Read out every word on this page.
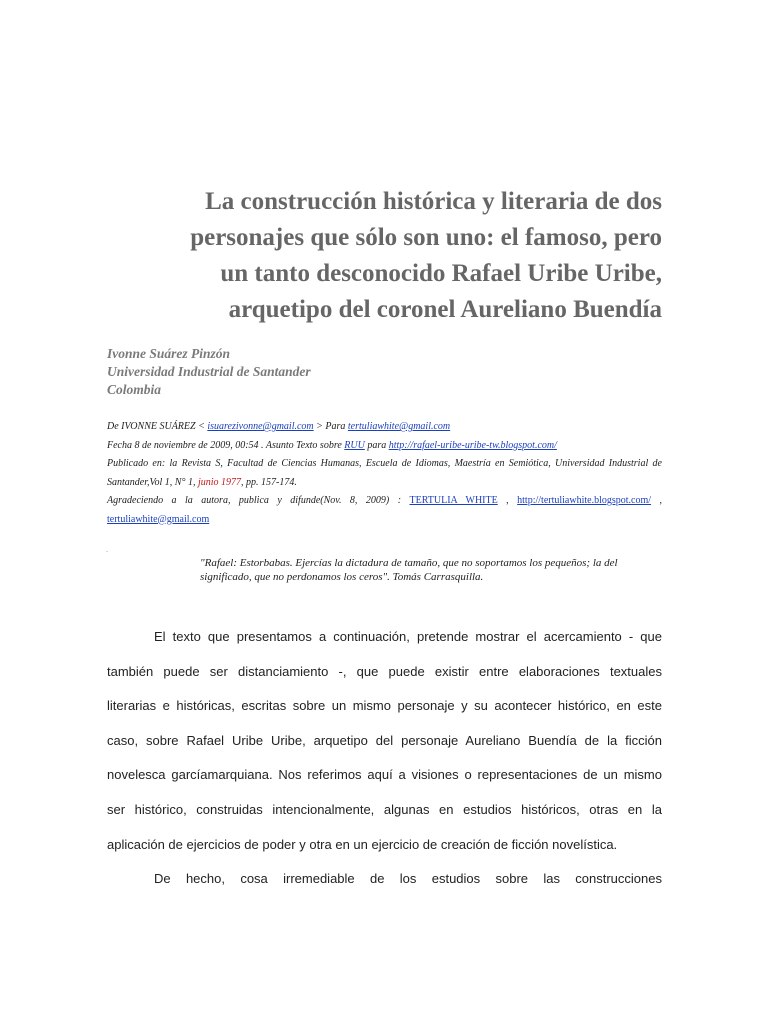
La construcción histórica y literaria de dos
personajes que sólo son uno: el famoso, pero
un tanto desconocido Rafael Uribe Uribe,
arquetipo del coronel Aureliano Buendía
Ivonne Suárez Pinzón
Universidad Industrial de Santander
Colombia

De IVONNE SUÁREZ < isuarezivonne@gmail.com > Para tertuliawhite@gmail.com

Fecha 8 de noviembre de 2009, 00:54 . Asunto Texto sobre RUU para http://rafael-uribe-uribe-tw.blogspot.com/

Publicado en: la Revista S, Facultad de Ciencias Humanas, Escuela de Idiomas, Maestría en Semiótica, Universidad Industrial de Santander,Vol 1, N° 1, junio 1977, pp. 157-174.

Agradeciendo a la autora, publica y difunde(Nov. 8, 2009) : TERTULIA WHITE , http://tertuliawhite.blogspot.com/ , tertuliawhite@gmail.com

.
"Rafael: Estorbabas. Ejercías la dictadura de tamaño, que no soportamos los pequeños; la del significado, que no perdonamos los ceros". Tomás Carrasquilla.

El texto que presentamos a continuación, pretende mostrar el acercamiento - que
también puede ser distanciamiento -, que puede existir entre elaboraciones textuales
literarias e históricas, escritas sobre un mismo personaje y su acontecer histórico, en este
caso, sobre Rafael Uribe Uribe, arquetipo del personaje Aureliano Buendía de la ficción
novelesca garcíamarquiana. Nos referimos aquí a visiones o representaciones de un mismo
ser histórico, construidas intencionalmente, algunas en estudios históricos, otras en la
aplicación de ejercicios de poder y otra en un ejercicio de creación de ficción novelística.

De hecho, cosa irremediable de los estudios sobre las construcciones
